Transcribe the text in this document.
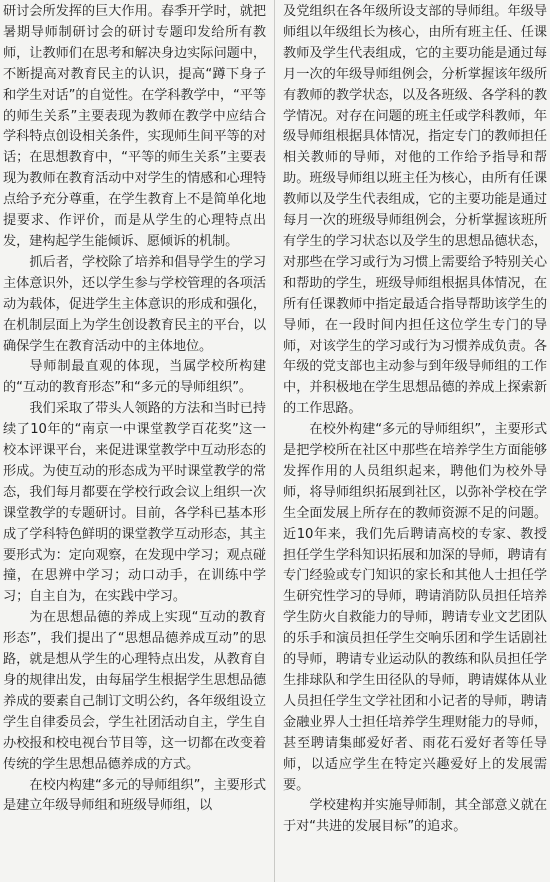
研讨会所发挥的巨大作用。春季开学时，就把暑期导师制研讨会的研讨专题印发给所有教师，让教师们在思考和解决身边实际问题中，不断提高对教育民主的认识，提高“蹲下身子和学生对话”的自觉性。在学科教学中，“平等的师生关系”主要表现为教师在教学中应结合学科特点创设相关条件，实现师生间平等的对话；在思想教育中，“平等的师生关系”主要表现为教师在教育活动中对学生的情感和心理特点给予充分尊重，在学生教育上不是简单化地提要求、作评价，而是从学生的心理特点出发，建构起学生能倾诉、愿倾诉的机制。

抓后者，学校除了培养和倡导学生的学习主体意识外，还以学生参与学校管理的各项活动为载体，促进学生主体意识的形成和强化，在机制层面上为学生创设教育民主的平台，以确保学生在教育活动中的主体地位。

导师制最直观的体现，当属学校所构建的“互动的教育形态”和“多元的导师组织”。

我们采取了带头人领路的方法和当时已持续了10年的“南京一中课堂教学百花奖”这一校本评课平台，来促进课堂教学中互动形态的形成。为使互动的形态成为平时课堂教学的常态，我们每月都要在学校行政会议上组织一次课堂教学的专题研讨。目前，各学科已基本形成了学科特色鲜明的课堂教学互动形态，其主要形式为：定向观察，在发现中学习；观点碰撞，在思辨中学习；动口动手，在训练中学习；自主自为，在实践中学习。

为在思想品德的养成上实现“互动的教育形态”，我们提出了“思想品德养成互动”的思路，就是想从学生的心理特点出发，从教育自身的规律出发，由每届学生根据学生思想品德养成的要素自己制订文明公约，各年级组设立学生自律委员会，学生社团活动自主，学生自办校报和校电视台节目等，这一切都在改变着传统的学生思想品德养成的方式。

在校内构建“多元的导师组织”，主要形式是建立年级导师组和班级导师组，以

及党组织在各年级所设支部的导师组。年级导师组以年级组长为核心，由所有班主任、任课教师及学生代表组成，它的主要功能是通过每月一次的年级导师组例会，分析掌握该年级所有教师的教学状态，以及各班级、各学科的教学情况。对存在问题的班主任或学科教师，年级导师组根据具体情况，指定专门的教师担任相关教师的导师，对他的工作给予指导和帮助。班级导师组以班主任为核心，由所有任课教师以及学生代表组成，它的主要功能是通过每月一次的班级导师组例会，分析掌握该班所有学生的学习状态以及学生的思想品德状态，对那些在学习或行为习惯上需要给予特别关心和帮助的学生，班级导师组根据具体情况，在所有任课教师中指定最适合指导帮助该学生的导师，在一段时间内担任这位学生专门的导师，对该学生的学习或行为习惯养成负责。各年级的党支部也主动参与到年级导师组的工作中，并积极地在学生思想品德的养成上探索新的工作思路。

在校外构建“多元的导师组织”，主要形式是把学校所在社区中那些在培养学生方面能够发挥作用的人员组织起来，聘他们为校外导师，将导师组织拓展到社区，以弥补学校在学生全面发展上所存在的教师资源不足的问题。近10年来，我们先后聘请高校的专家、教授担任学生学科知识拓展和加深的导师，聘请有专门经验或专门知识的家长和其他人士担任学生研究性学习的导师，聘请消防队员担任培养学生防火自救能力的导师，聘请专业文艺团队的乐手和演员担任学生交响乐团和学生话剧社的导师，聘请专业运动队的教练和队员担任学生排球队和学生田径队的导师，聘请媒体从业人员担任学生文学社团和小记者的导师，聘请金融业界人士担任培养学生理财能力的导师，甚至聘请集邮爱好者、雨花石爱好者等任导师，以适应学生在特定兴趣爱好上的发展需要。

学校建构并实施导师制，其全部意义就在于对“共进的发展目标”的追求。
